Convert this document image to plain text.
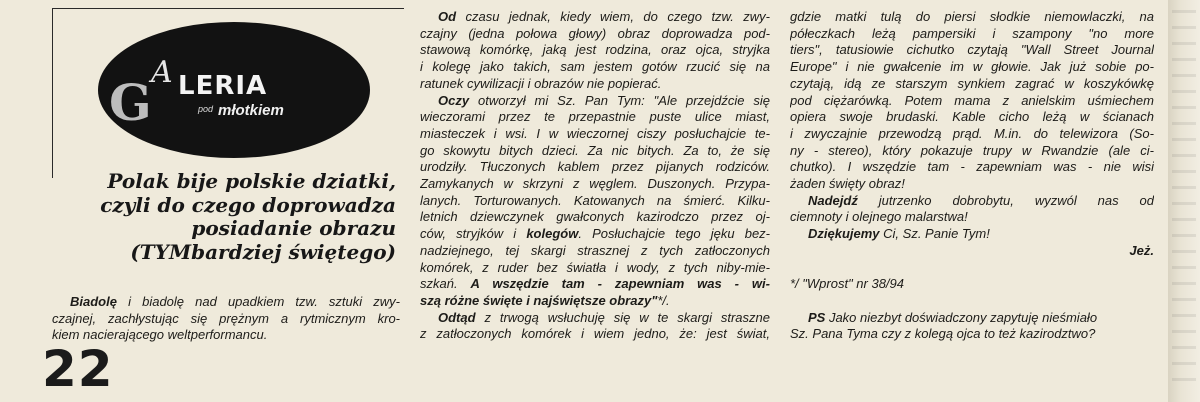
G
A LERIA
pod młotkiem
Polak bije polskie dziatki,
czyli do czego doprowadza
posiadanie obrazu
(TYMbardziej świętego)
Biadolę i biadolę nad upadkiem tzw. sztuki zwy-
czajnej, zachłystując się prężnym a rytmicznym kro-
kiem nacierającego weltperformancu.
22
Od czasu jednak, kiedy wiem, do czego tzw. zwy-
czajny (jedna połowa głowy) obraz doprowadza pod-
stawową komórkę, jaką jest rodzina, oraz ojca, stryjka
i kolegę jako takich, sam jestem gotów rzucić się na
ratunek cywilizacji i obrazów nie popierać.
Oczy otworzył mi Sz. Pan Tym: "Ale przejdźcie się
wieczorami przez te przepastnie puste ulice miast,
miasteczek i wsi. I w wieczornej ciszy posłuchajcie te-
go skowytu bitych dzieci. Za nic bitych. Za to, że się
urodziły. Tłuczonych kablem przez pijanych rodziców.
Zamykanych w skrzyni z węglem. Duszonych. Przypa-
lanych. Torturowanych. Katowanych na śmierć. Kilku-
letnich dziewczynek gwałconych kazirodczo przez oj-
ców, stryjków i kolegów. Posłuchajcie tego jęku bez-
nadziejnego, tej skargi strasznej z tych zatłoczonych
komórek, z ruder bez światła i wody, z tych niby-mie-
szkań. A wszędzie tam - zapewniam was - wi-
szą różne święte i najświętsze obrazy"*/.
Odtąd z trwogą wsłuchuję się w te skargi straszne
z zatłoczonych komórek i wiem jedno, że: jest świat,
gdzie matki tulą do piersi słodkie niemowlaczki, na
półeczkach leżą pampersiki i szampony "no more
tiers", tatusiowie cichutko czytają "Wall Street Journal
Europe" i nie gwałcenie im w głowie. Jak już sobie po-
czytają, idą ze starszym synkiem zagrać w koszykówkę
pod ciężarówką. Potem mama z anielskim uśmiechem
opiera swoje brudaski. Kable cicho leżą w ścianach
i zwyczajnie przewodzą prąd. M.in. do telewizora (So-
ny - stereo), który pokazuje trupy w Rwandzie (ale ci-
chutko). I wszędzie tam - zapewniam was - nie wisi
żaden święty obraz!
Nadejdź jutrzenko dobrobytu, wyzwól nas od
ciemnoty i olejnego malarstwa!
Dziękujemy Ci, Sz. Panie Tym!
Jeż.

*/ "Wprost" nr 38/94

PS Jako niezbyt doświadczony zapytuję nieśmiało
Sz. Pana Tyma czy z kolegą ojca to też kazirodztwo?
